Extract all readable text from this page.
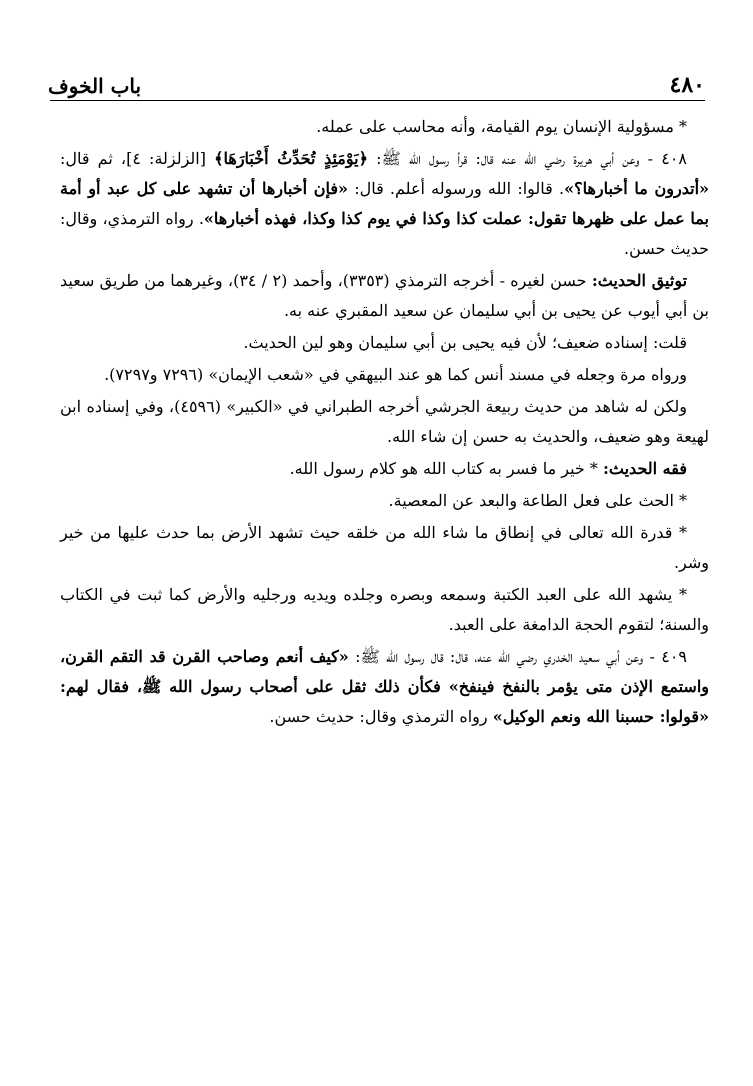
باب الخوف	٤٨٠

* مسؤولية الإنسان يوم القيامة، وأنه محاسب على عمله.

٤٠٨ - وعن أبي هريرة رضي الله عنه قال: قرأ رسول الله ﷺ: ﴿يَوْمَئِذٍ تُحَدِّثُ أَخْبَارَهَا﴾ [الزلزلة: ٤]، ثم قال: «أتدرون ما أخبارها؟». قالوا: الله ورسوله أعلم. قال: «فإن أخبارها أن تشهد على كل عبد أو أمة بما عمل على ظهرها تقول: عملت كذا وكذا في يوم كذا وكذا، فهذه أخبارها». رواه الترمذي، وقال: حديث حسن.

توثيق الحديث: حسن لغيره - أخرجه الترمذي (٣٣٥٣)، وأحمد (٢ / ٣٤)، وغيرهما من طريق سعيد بن أبي أيوب عن يحيى بن أبي سليمان عن سعيد المقبري عنه به.

قلت: إسناده ضعيف؛ لأن فيه يحيى بن أبي سليمان وهو لين الحديث.

ورواه مرة وجعله في مسند أنس كما هو عند البيهقي في «شعب الإيمان» (٧٢٩٦ و٧٢٩٧).

ولكن له شاهد من حديث ربيعة الجرشي أخرجه الطبراني في «الكبير» (٤٥٩٦)، وفي إسناده ابن لهيعة وهو ضعيف، والحديث به حسن إن شاء الله.

فقه الحديث: * خير ما فسر به كتاب الله هو كلام رسول الله.

* الحث على فعل الطاعة والبعد عن المعصية.

* قدرة الله تعالى في إنطاق ما شاء الله من خلقه حيث تشهد الأرض بما حدث عليها من خير وشر.

* يشهد الله على العبد الكتبة وسمعه وبصره وجلده ويديه ورجليه والأرض كما ثبت في الكتاب والسنة؛ لتقوم الحجة الدامغة على العبد.

٤٠٩ - وعن أبي سعيد الخدري رضي الله عنه، قال: قال رسول الله ﷺ: «كيف أنعم وصاحب القرن قد التقم القرن، واستمع الإذن متى يؤمر بالنفخ فينفخ» فكأن ذلك ثقل على أصحاب رسول الله ﷺ، فقال لهم: «قولوا: حسبنا الله ونعم الوكيل» رواه الترمذي وقال: حديث حسن.
